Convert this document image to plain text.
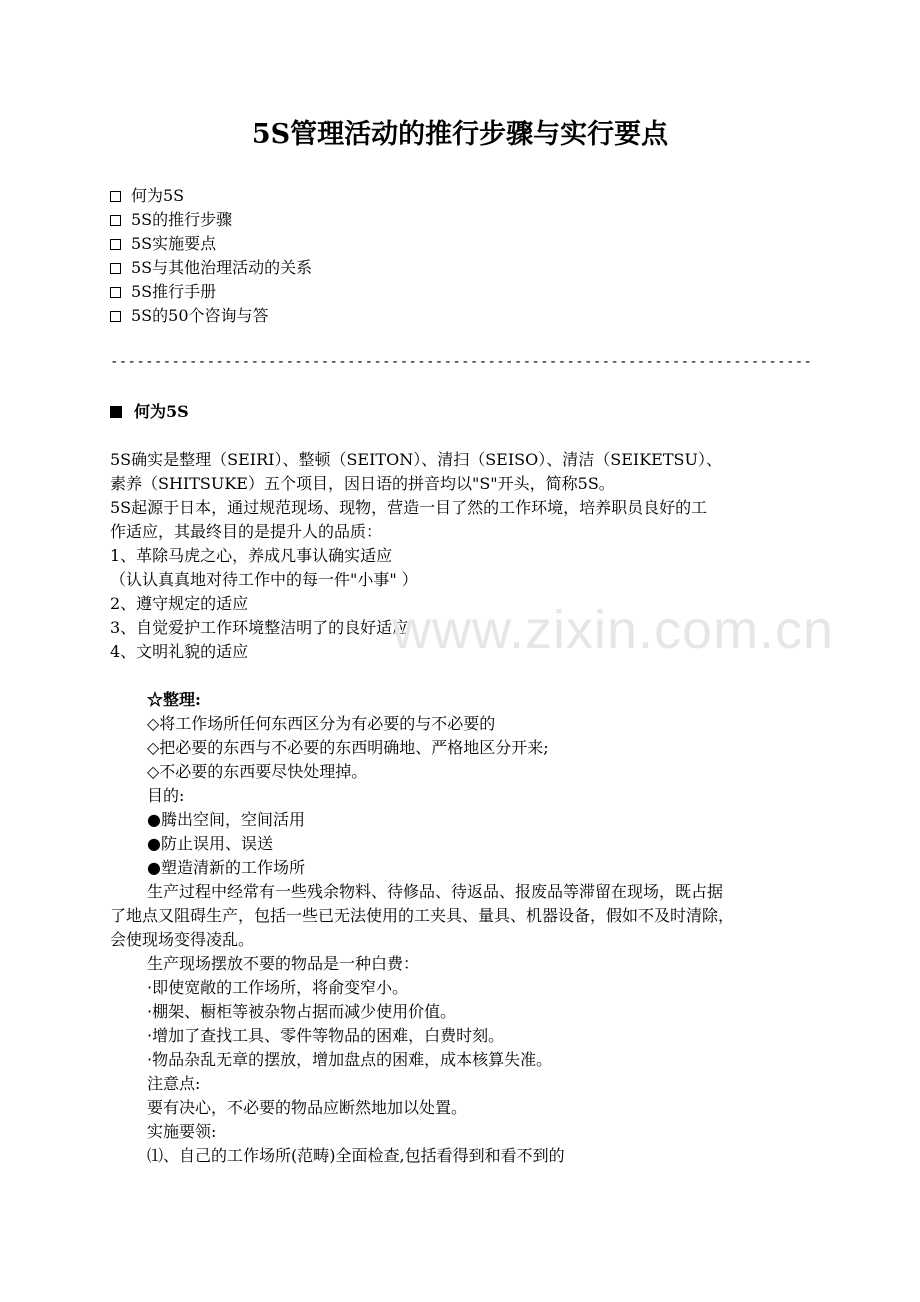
5S管理活动的推行步骤与实行要点
何为5S
5S的推行步骤
5S实施要点
5S与其他治理活动的关系
5S推行手册
5S的50个咨询与答
--------------------------------------------------------------------------------
何为5S
5S确实是整理（SEIRI）、整顿（SEITON）、清扫（SEISO）、清洁（SEIKETSU）、
素养（SHITSUKE）五个项目，因日语的拼音均以"S"开头，简称5S。
5S起源于日本，通过规范现场、现物，营造一目了然的工作环境，培养职员良好的工
作适应，其最终目的是提升人的品质：
1、革除马虎之心，养成凡事认确实适应
（认认真真地对待工作中的每一件"小事" ）
2、遵守规定的适应
3、自觉爱护工作环境整洁明了的良好适应
4、文明礼貌的适应	www.zixin.com.cn
☆整理:
◇将工作场所任何东西区分为有必要的与不必要的
◇把必要的东西与不必要的东西明确地、严格地区分开来;
◇不必要的东西要尽快处理掉。
目的:
●腾出空间，空间活用
●防止误用、误送
●塑造清新的工作场所
生产过程中经常有一些残余物料、待修品、待返品、报废品等滞留在现场，既占据
了地点又阻碍生产，包括一些已无法使用的工夹具、量具、机器设备，假如不及时清除，
会使现场变得凌乱。
生产现场摆放不要的物品是一种白费：
·即使宽敞的工作场所，将俞变窄小。
·棚架、橱柜等被杂物占据而减少使用价值。
·增加了查找工具、零件等物品的困难，白费时刻。
·物品杂乱无章的摆放，增加盘点的困难，成本核算失准。
注意点:
要有决心，不必要的物品应断然地加以处置。
实施要领:
⑴、自己的工作场所(范畴)全面检查,包括看得到和看不到的
